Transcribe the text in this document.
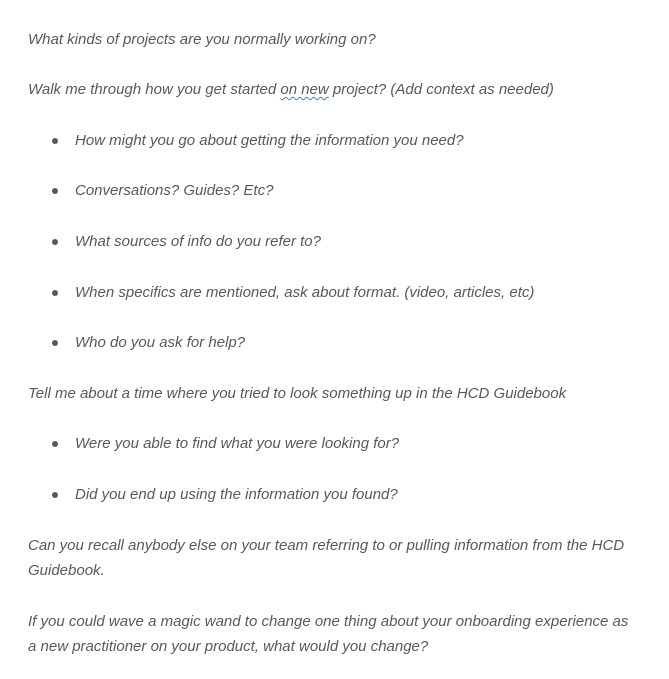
What kinds of projects are you normally working on?
Walk me through how you get started on new project? (Add context as needed)
How might you go about getting the information you need?
Conversations? Guides? Etc?
What sources of info do you refer to?
When specifics are mentioned, ask about format. (video, articles, etc)
Who do you ask for help?
Tell me about a time where you tried to look something up in the HCD Guidebook
Were you able to find what you were looking for?
Did you end up using the information you found?
Can you recall anybody else on your team referring to or pulling information from the HCD Guidebook.
If you could wave a magic wand to change one thing about your onboarding experience as a new practitioner on your product, what would you change?
